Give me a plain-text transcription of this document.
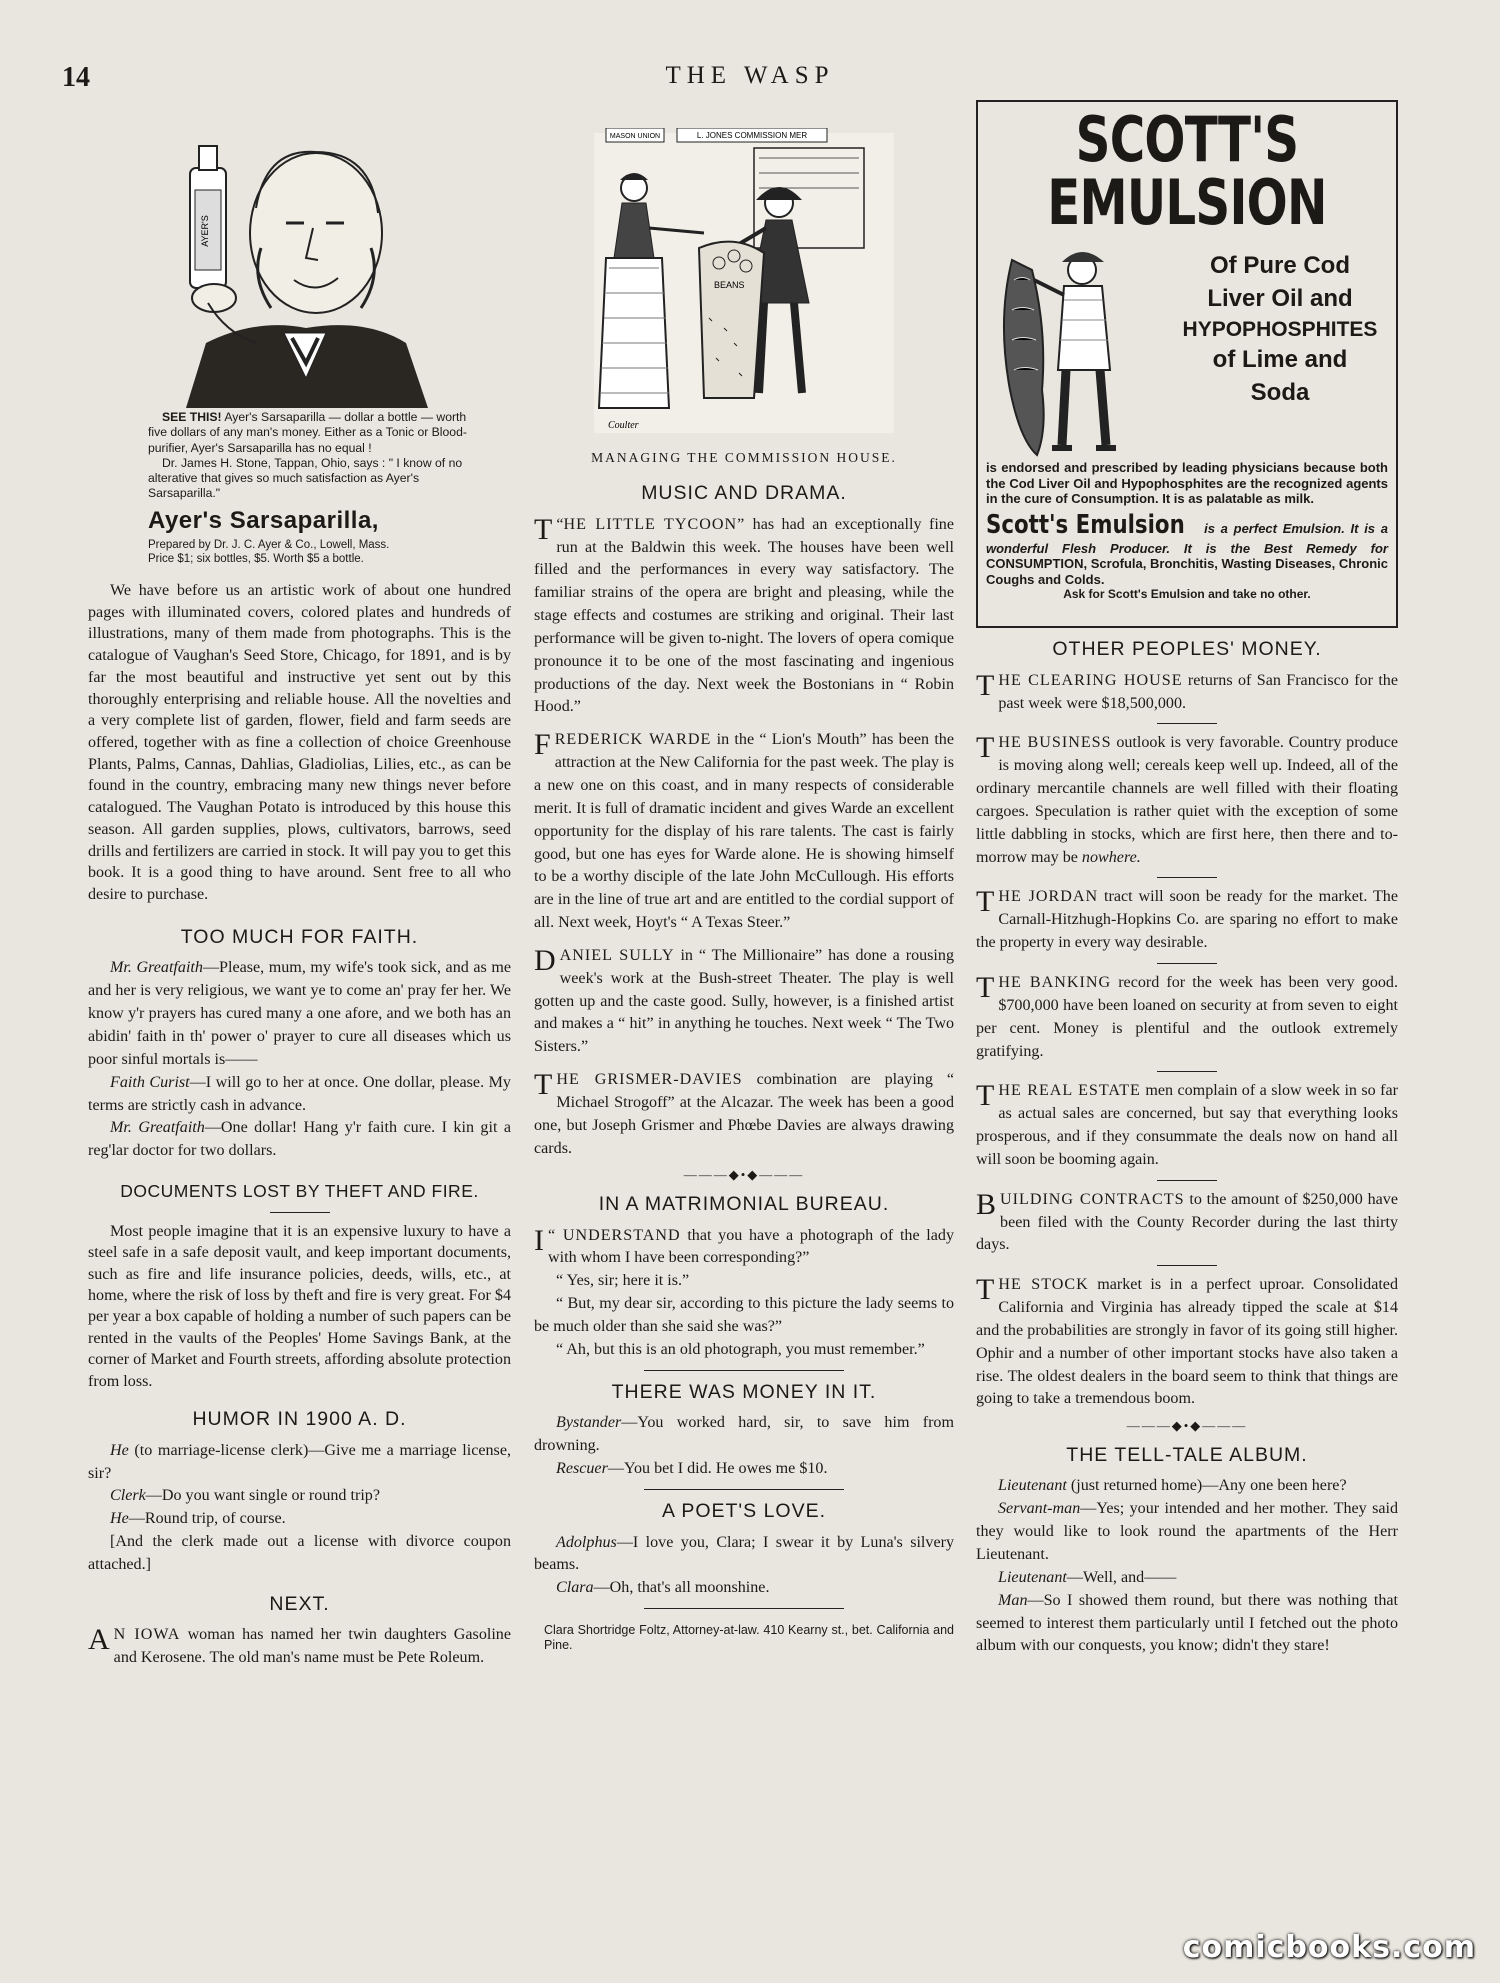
14	THE WASP
AYER'S

SEE THIS! Ayer's Sarsaparilla — dollar a bottle — worth five dollars of any man's money. Either as a Tonic or Blood-purifier, Ayer's Sarsaparilla has no equal !

Dr. James H. Stone, Tappan, Ohio, says : " I know of no alterative that gives so much satisfaction as Ayer's Sarsaparilla."

Ayer's Sarsaparilla,
Prepared by Dr. J. C. Ayer & Co., Lowell, Mass.
Price $1; six bottles, $5. Worth $5 a bottle.

We have before us an artistic work of about one hundred pages with illuminated covers, colored plates and hundreds of illustrations, many of them made from photographs. This is the catalogue of Vaughan's Seed Store, Chicago, for 1891, and is by far the most beautiful and instructive yet sent out by this thoroughly enterprising and reliable house. All the novelties and a very complete list of garden, flower, field and farm seeds are offered, together with as fine a collection of choice Greenhouse Plants, Palms, Cannas, Dahlias, Gladiolias, Lilies, etc., as can be found in the country, embracing many new things never before catalogued. The Vaughan Potato is introduced by this house this season. All garden supplies, plows, cultivators, barrows, seed drills and fertilizers are carried in stock. It will pay you to get this book. It is a good thing to have around. Sent free to all who desire to purchase.

TOO MUCH FOR FAITH.

Mr. Greatfaith—Please, mum, my wife's took sick, and as me and her is very religious, we want ye to come an' pray fer her. We know y'r prayers has cured many a one afore, and we both has an abidin' faith in th' power o' prayer to cure all diseases which us poor sinful mortals is——

Faith Curist—I will go to her at once. One dollar, please. My terms are strictly cash in advance.

Mr. Greatfaith—One dollar! Hang y'r faith cure. I kin git a reg'lar doctor for two dollars.

DOCUMENTS LOST BY THEFT AND FIRE.

Most people imagine that it is an expensive luxury to have a steel safe in a safe deposit vault, and keep important documents, such as fire and life insurance policies, deeds, wills, etc., at home, where the risk of loss by theft and fire is very great. For $4 per year a box capable of holding a number of such papers can be rented in the vaults of the Peoples' Home Savings Bank, at the corner of Market and Fourth streets, affording absolute protection from loss.

HUMOR IN 1900 A. D.

He (to marriage-license clerk)—Give me a marriage license, sir?

Clerk—Do you want single or round trip?

He—Round trip, of course.

[And the clerk made out a license with divorce coupon attached.]

NEXT.

A N IOWA woman has named her twin daughters Gasoline and Kerosene. The old man's name must be Pete Roleum.

MASON UNION	L. JONES COMMISSION MER
BEANS
Coulter
MANAGING THE COMMISSION HOUSE.
MUSIC AND DRAMA.

“
T HE LITTLE TYCOON” has had an exceptionally fine run at the Baldwin this week. The houses have been well filled and the performances in every way satisfactory. The familiar strains of the opera are bright and pleasing, while the stage effects and costumes are striking and original. Their last performance will be given to-night. The lovers of opera comique pronounce it to be one of the most fascinating and ingenious productions of the day. Next week the Bostonians in “ Robin Hood.”

FREDERICK WARDE in the “ Lion's Mouth” has been the attraction at the New California for the past week. The play is a new one on this coast, and in many respects of considerable merit. It is full of dramatic incident and gives Warde an excellent opportunity for the display of his rare talents. The cast is fairly good, but one has eyes for Warde alone. He is showing himself to be a worthy disciple of the late John McCullough. His efforts are in the line of true art and are entitled to the cordial support of all. Next week, Hoyt's “ A Texas Steer.”

DANIEL SULLY in “ The Millionaire” has done a rousing week's work at the Bush-street Theater. The play is well gotten up and the caste good. Sully, however, is a finished artist and makes a “ hit” in anything he touches. Next week “ The Two Sisters.”

THE GRISMER-DAVIES combination are playing “ Michael Strogoff” at the Alcazar. The week has been a good one, but Joseph Grismer and Phœbe Davies are always drawing cards.

———◆•◆———
IN A MATRIMONIAL BUREAU.

“
I UNDERSTAND that you have a photograph of the lady with whom I have been corresponding?”

“ Yes, sir; here it is.”

“ But, my dear sir, according to this picture the lady seems to be much older than she said she was?”

“ Ah, but this is an old photograph, you must remember.”

THERE WAS MONEY IN IT.

Bystander—You worked hard, sir, to save him from drowning.

Rescuer—You bet I did. He owes me $10.

A POET'S LOVE.

Adolphus—I love you, Clara; I swear it by Luna's silvery beams.

Clara—Oh, that's all moonshine.

Clara Shortridge Foltz, Attorney-at-law. 410 Kearny st., bet. California and Pine.
SCOTT'S
EMULSION
Of Pure Cod
Liver Oil and
HYPOPHOSPHITES
of Lime and
Soda

is endorsed and prescribed by leading physicians because both the Cod Liver Oil and Hypophosphites are the recognized agents in the cure of Consumption. It is as palatable as milk.

Scott's Emulsion is a perfect Emulsion. It is a wonderful Flesh Producer. It is the Best Remedy for CONSUMPTION, Scrofula, Bronchitis, Wasting Diseases, Chronic Coughs and Colds.

Ask for Scott's Emulsion and take no other.

OTHER PEOPLES' MONEY.

THE CLEARING HOUSE returns of San Francisco for the past week were $18,500,000.

THE BUSINESS outlook is very favorable. Country produce is moving along well; cereals keep well up. Indeed, all of the ordinary mercantile channels are well filled with their floating cargoes. Speculation is rather quiet with the exception of some little dabbling in stocks, which are first here, then there and to-morrow may be nowhere.

THE JORDAN tract will soon be ready for the market. The Carnall-Hitzhugh-Hopkins Co. are sparing no effort to make the property in every way desirable.

THE BANKING record for the week has been very good. $700,000 have been loaned on security at from seven to eight per cent. Money is plentiful and the outlook extremely gratifying.

THE REAL ESTATE men complain of a slow week in so far as actual sales are concerned, but say that everything looks prosperous, and if they consummate the deals now on hand all will soon be booming again.

BUILDING CONTRACTS to the amount of $250,000 have been filed with the County Recorder during the last thirty days.

THE STOCK market is in a perfect uproar. Consolidated California and Virginia has already tipped the scale at $14 and the probabilities are strongly in favor of its going still higher. Ophir and a number of other important stocks have also taken a rise. The oldest dealers in the board seem to think that things are going to take a tremendous boom.

———◆•◆———
THE TELL-TALE ALBUM.

Lieutenant (just returned home)—Any one been here?

Servant-man—Yes; your intended and her mother. They said they would like to look round the apartments of the Herr Lieutenant.

Lieutenant—Well, and——

Man—So I showed them round, but there was nothing that seemed to interest them particularly until I fetched out the photo album with our conquests, you know; didn't they stare!

comicbooks.com
